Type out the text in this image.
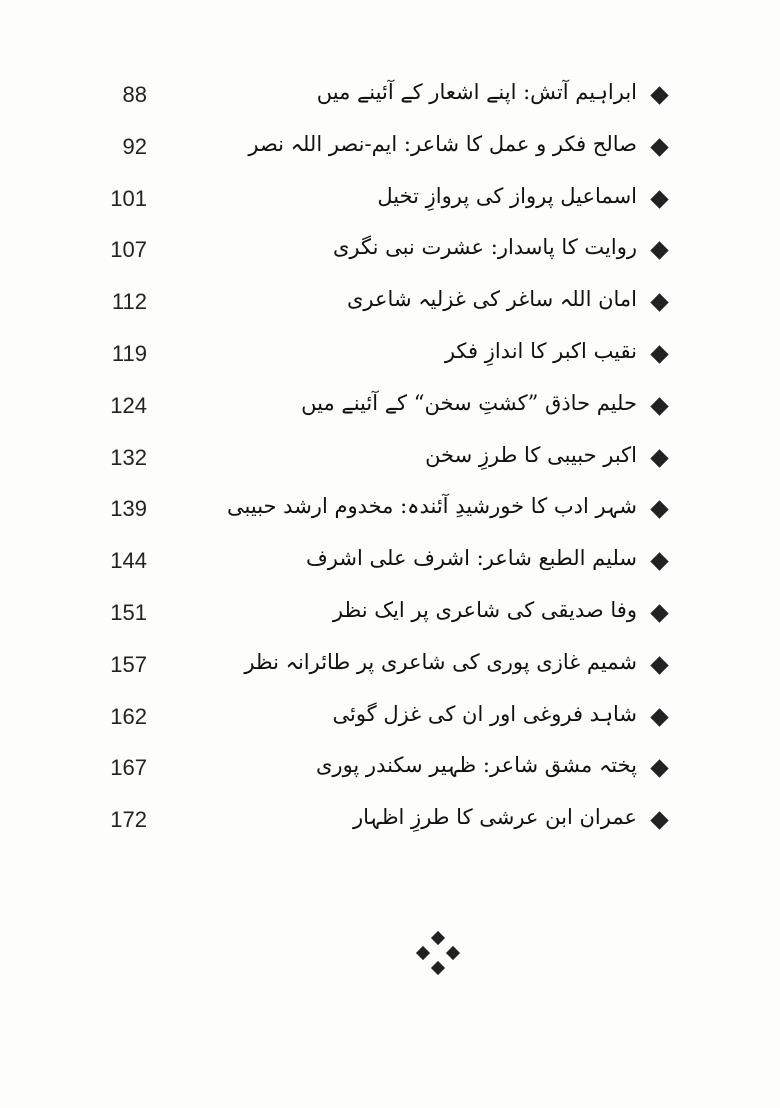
88	ابراہیم آتش: اپنے اشعار کے آئینے میں
92	صالح فکر و عمل کا شاعر: ایم-نصر اللہ نصر
101	اسماعیل پرواز کی پروازِ تخیل
107	روایت کا پاسدار: عشرت نبی نگری
112	امان اللہ ساغر کی غزلیہ شاعری
119	نقیب اکبر کا اندازِ فکر
124	حلیم حاذق ”کشتِ سخن“ کے آئینے میں
132	اکبر حبیبی کا طرزِ سخن
139	شہر ادب کا خورشیدِ آئندہ: مخدوم ارشد حبیبی
144	سلیم الطبع شاعر: اشرف علی اشرف
151	وفا صدیقی کی شاعری پر ایک نظر
157	شمیم غازی پوری کی شاعری پر طائرانہ نظر
162	شاہد فروغی اور ان کی غزل گوئی
167	پختہ مشق شاعر: ظہیر سکندر پوری
172	عمران ابن عرشی کا طرزِ اظہار
